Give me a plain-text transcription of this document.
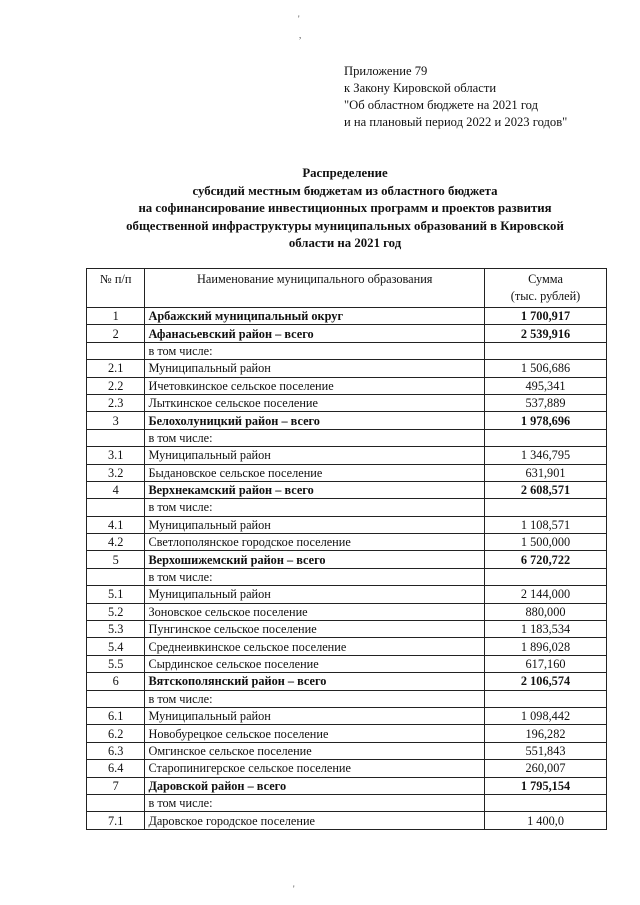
'
,
'
Приложение 79
к Закону Кировской области
"Об областном бюджете на 2021 год
и на плановый период 2022 и 2023 годов"
Распределение
субсидий местным бюджетам из областного бюджета
на софинансирование инвестиционных программ и проектов развития
общественной инфраструктуры муниципальных образований в Кировской
области на 2021 год
№ п/п	Наименование муниципального образования	Сумма
(тыс. рублей)

1	Арбажский муниципальный округ	1 700,917
2	Афанасьевский район – всего	2 539,916
	в том числе:	
2.1	Муниципальный район	1 506,686
2.2	Ичетовкинское сельское поселение	495,341
2.3	Лыткинское сельское поселение	537,889
3	Белохолуницкий район – всего	1 978,696
	в том числе:	
3.1	Муниципальный район	1 346,795
3.2	Быдановское сельское поселение	631,901
4	Верхнекамский район – всего	2 608,571
	в том числе:	
4.1	Муниципальный район	1 108,571
4.2	Светлополянское городское поселение	1 500,000
5	Верхошижемский район – всего	6 720,722
	в том числе:	
5.1	Муниципальный район	2 144,000
5.2	Зоновское сельское поселение	880,000
5.3	Пунгинское сельское поселение	1 183,534
5.4	Среднеивкинское сельское поселение	1 896,028
5.5	Сырдинское сельское поселение	617,160
6	Вятскополянский район – всего	2 106,574
	в том числе:	
6.1	Муниципальный район	1 098,442
6.2	Новобурецкое сельское поселение	196,282
6.3	Омгинское сельское поселение	551,843
6.4	Старопинигерское сельское поселение	260,007
7	Даровской район – всего	1 795,154
	в том числе:	
7.1	Даровское городское поселение	1 400,0
